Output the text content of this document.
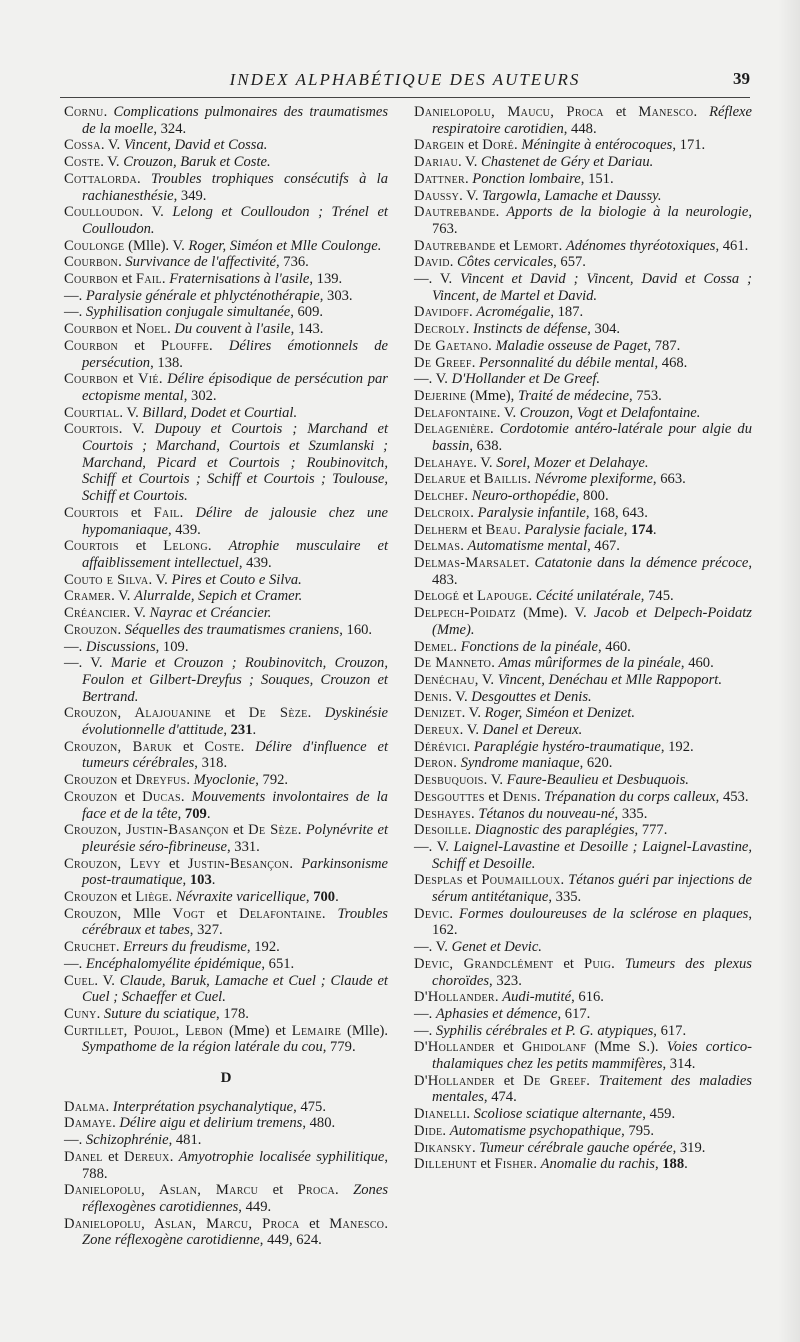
INDEX ALPHABÉTIQUE DES AUTEURS	39

Cornu. Complications pulmonaires des traumatismes de la moelle, 324.

Cossa. V. Vincent, David et Cossa.

Coste. V. Crouzon, Baruk et Coste.

Cottalorda. Troubles trophiques consécutifs à la rachianesthésie, 349.

Coulloudon. V. Lelong et Coulloudon ; Trénel et Coulloudon.

Coulonge (Mlle). V. Roger, Siméon et Mlle Coulonge.

Courbon. Survivance de l'affectivité, 736.

Courbon et Fail. Fraternisations à l'asile, 139.

—. Paralysie générale et phlycténothérapie, 303.

—. Syphilisation conjugale simultanée, 609.

Courbon et Noel. Du couvent à l'asile, 143.

Courbon et Plouffe. Délires émotionnels de persécution, 138.

Courbon et Vié. Délire épisodique de persécution par ectopisme mental, 302.

Courtial. V. Billard, Dodet et Courtial.

Courtois. V. Dupouy et Courtois ; Marchand et Courtois ; Marchand, Courtois et Szumlanski ; Marchand, Picard et Courtois ; Roubinovitch, Schiff et Courtois ; Schiff et Courtois ; Toulouse, Schiff et Courtois.

Courtois et Fail. Délire de jalousie chez une hypomaniaque, 439.

Courtois et Lelong. Atrophie musculaire et affaiblissement intellectuel, 439.

Couto e Silva. V. Pires et Couto e Silva.

Cramer. V. Alurralde, Sepich et Cramer.

Créancier. V. Nayrac et Créancier.

Crouzon. Séquelles des traumatismes craniens, 160.

—. Discussions, 109.

—. V. Marie et Crouzon ; Roubinovitch, Crouzon, Foulon et Gilbert-Dreyfus ; Souques, Crouzon et Bertrand.

Crouzon, Alajouanine et De Sèze. Dyskinésie évolutionnelle d'attitude, 231.

Crouzon, Baruk et Coste. Délire d'influence et tumeurs cérébrales, 318.

Crouzon et Dreyfus. Myoclonie, 792.

Crouzon et Ducas. Mouvements involontaires de la face et de la tête, 709.

Crouzon, Justin-Basançon et De Sèze. Polynévrite et pleurésie séro-fibrineuse, 331.

Crouzon, Levy et Justin-Besançon. Parkinsonisme post-traumatique, 103.

Crouzon et Liège. Névraxite varicellique, 700.

Crouzon, Mlle Vogt et Delafontaine. Troubles cérébraux et tabes, 327.

Cruchet. Erreurs du freudisme, 192.

—. Encéphalomyélite épidémique, 651.

Cuel. V. Claude, Baruk, Lamache et Cuel ; Claude et Cuel ; Schaeffer et Cuel.

Cuny. Suture du sciatique, 178.

Curtillet, Poujol, Lebon (Mme) et Lemaire (Mlle). Sympathome de la région latérale du cou, 779.

D

Dalma. Interprétation psychanalytique, 475.

Damaye. Délire aigu et delirium tremens, 480.

—. Schizophrénie, 481.

Danel et Dereux. Amyotrophie localisée syphilitique, 788.

Danielopolu, Aslan, Marcu et Proca. Zones réflexogènes carotidiennes, 449.

Danielopolu, Aslan, Marcu, Proca et Manesco. Zone réflexogène carotidienne, 449, 624.

Danielopolu, Maucu, Proca et Manesco. Réflexe respiratoire carotidien, 448.

Dargein et Doré. Méningite à entérocoques, 171.

Dariau. V. Chastenet de Géry et Dariau.

Dattner. Ponction lombaire, 151.

Daussy. V. Targowla, Lamache et Daussy.

Dautrebande. Apports de la biologie à la neurologie, 763.

Dautrebande et Lemort. Adénomes thyréotoxiques, 461.

David. Côtes cervicales, 657.

—. V. Vincent et David ; Vincent, David et Cossa ; Vincent, de Martel et David.

Davidoff. Acromégalie, 187.

Decroly. Instincts de défense, 304.

De Gaetano. Maladie osseuse de Paget, 787.

De Greef. Personnalité du débile mental, 468.

—. V. D'Hollander et De Greef.

Dejerine (Mme), Traité de médecine, 753.

Delafontaine. V. Crouzon, Vogt et Delafontaine.

Delagenière. Cordotomie antéro-latérale pour algie du bassin, 638.

Delahaye. V. Sorel, Mozer et Delahaye.

Delarue et Baillis. Névrome plexiforme, 663.

Delchef. Neuro-orthopédie, 800.

Delcroix. Paralysie infantile, 168, 643.

Delherm et Beau. Paralysie faciale, 174.

Delmas. Automatisme mental, 467.

Delmas-Marsalet. Catatonie dans la démence précoce, 483.

Delogé et Lapouge. Cécité unilatérale, 745.

Delpech-Poidatz (Mme). V. Jacob et Delpech-Poidatz (Mme).

Demel. Fonctions de la pinéale, 460.

De Manneto. Amas mûriformes de la pinéale, 460.

Denéchau, V. Vincent, Denéchau et Mlle Rappoport.

Denis. V. Desgouttes et Denis.

Denizet. V. Roger, Siméon et Denizet.

Dereux. V. Danel et Dereux.

Dérévici. Paraplégie hystéro-traumatique, 192.

Deron. Syndrome maniaque, 620.

Desbuquois. V. Faure-Beaulieu et Desbuquois.

Desgouttes et Denis. Trépanation du corps calleux, 453.

Deshayes. Tétanos du nouveau-né, 335.

Desoille. Diagnostic des paraplégies, 777.

—. V. Laignel-Lavastine et Desoille ; Laignel-Lavastine, Schiff et Desoille.

Desplas et Poumailloux. Tétanos guéri par injections de sérum antitétanique, 335.

Devic. Formes douloureuses de la sclérose en plaques, 162.

—. V. Genet et Devic.

Devic, Grandclément et Puig. Tumeurs des plexus choroïdes, 323.

D'Hollander. Audi-mutité, 616.

—. Aphasies et démence, 617.

—. Syphilis cérébrales et P. G. atypiques, 617.

D'Hollander et Ghidolanf (Mme S.). Voies cortico-thalamiques chez les petits mammifères, 314.

D'Hollander et De Greef. Traitement des maladies mentales, 474.

Dianelli. Scoliose sciatique alternante, 459.

Dide. Automatisme psychopathique, 795.

Dikansky. Tumeur cérébrale gauche opérée, 319.

Dillehunt et Fisher. Anomalie du rachis, 188.
